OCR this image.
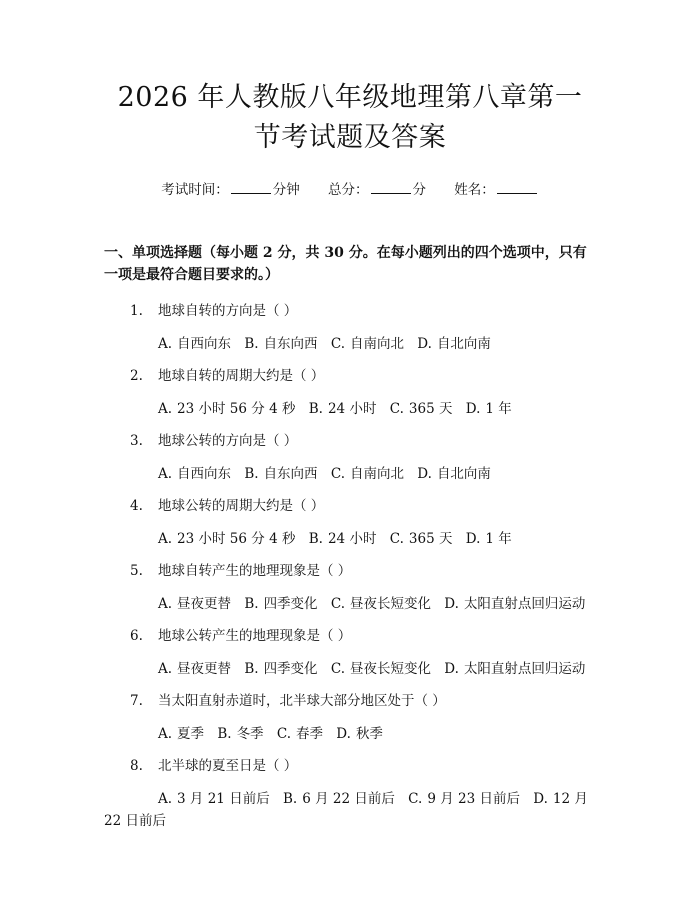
2026 年人教版八年级地理第八章第一节考试题及答案
考试时间：	分钟 总分：	分 姓名：
一、单项选择题（每小题 2 分，共 30 分。在每小题列出的四个选项中，只有一项是最符合题目要求的。）
1. 地球自转的方向是（ ）
A. 自西向东 B. 自东向西 C. 自南向北 D. 自北向南
2. 地球自转的周期大约是（ ）
A. 23 小时 56 分 4 秒 B. 24 小时 C. 365 天 D. 1 年
3. 地球公转的方向是（ ）
A. 自西向东 B. 自东向西 C. 自南向北 D. 自北向南
4. 地球公转的周期大约是（ ）
A. 23 小时 56 分 4 秒 B. 24 小时 C. 365 天 D. 1 年
5. 地球自转产生的地理现象是（ ）
A. 昼夜更替 B. 四季变化 C. 昼夜长短变化 D. 太阳直射点回归运动
6. 地球公转产生的地理现象是（ ）
A. 昼夜更替 B. 四季变化 C. 昼夜长短变化 D. 太阳直射点回归运动
7. 当太阳直射赤道时，北半球大部分地区处于（ ）
A. 夏季 B. 冬季 C. 春季 D. 秋季
8. 北半球的夏至日是（ ）
A. 3 月 21 日前后 B. 6 月 22 日前后 C. 9 月 23 日前后 D. 12 月 22 日前后
